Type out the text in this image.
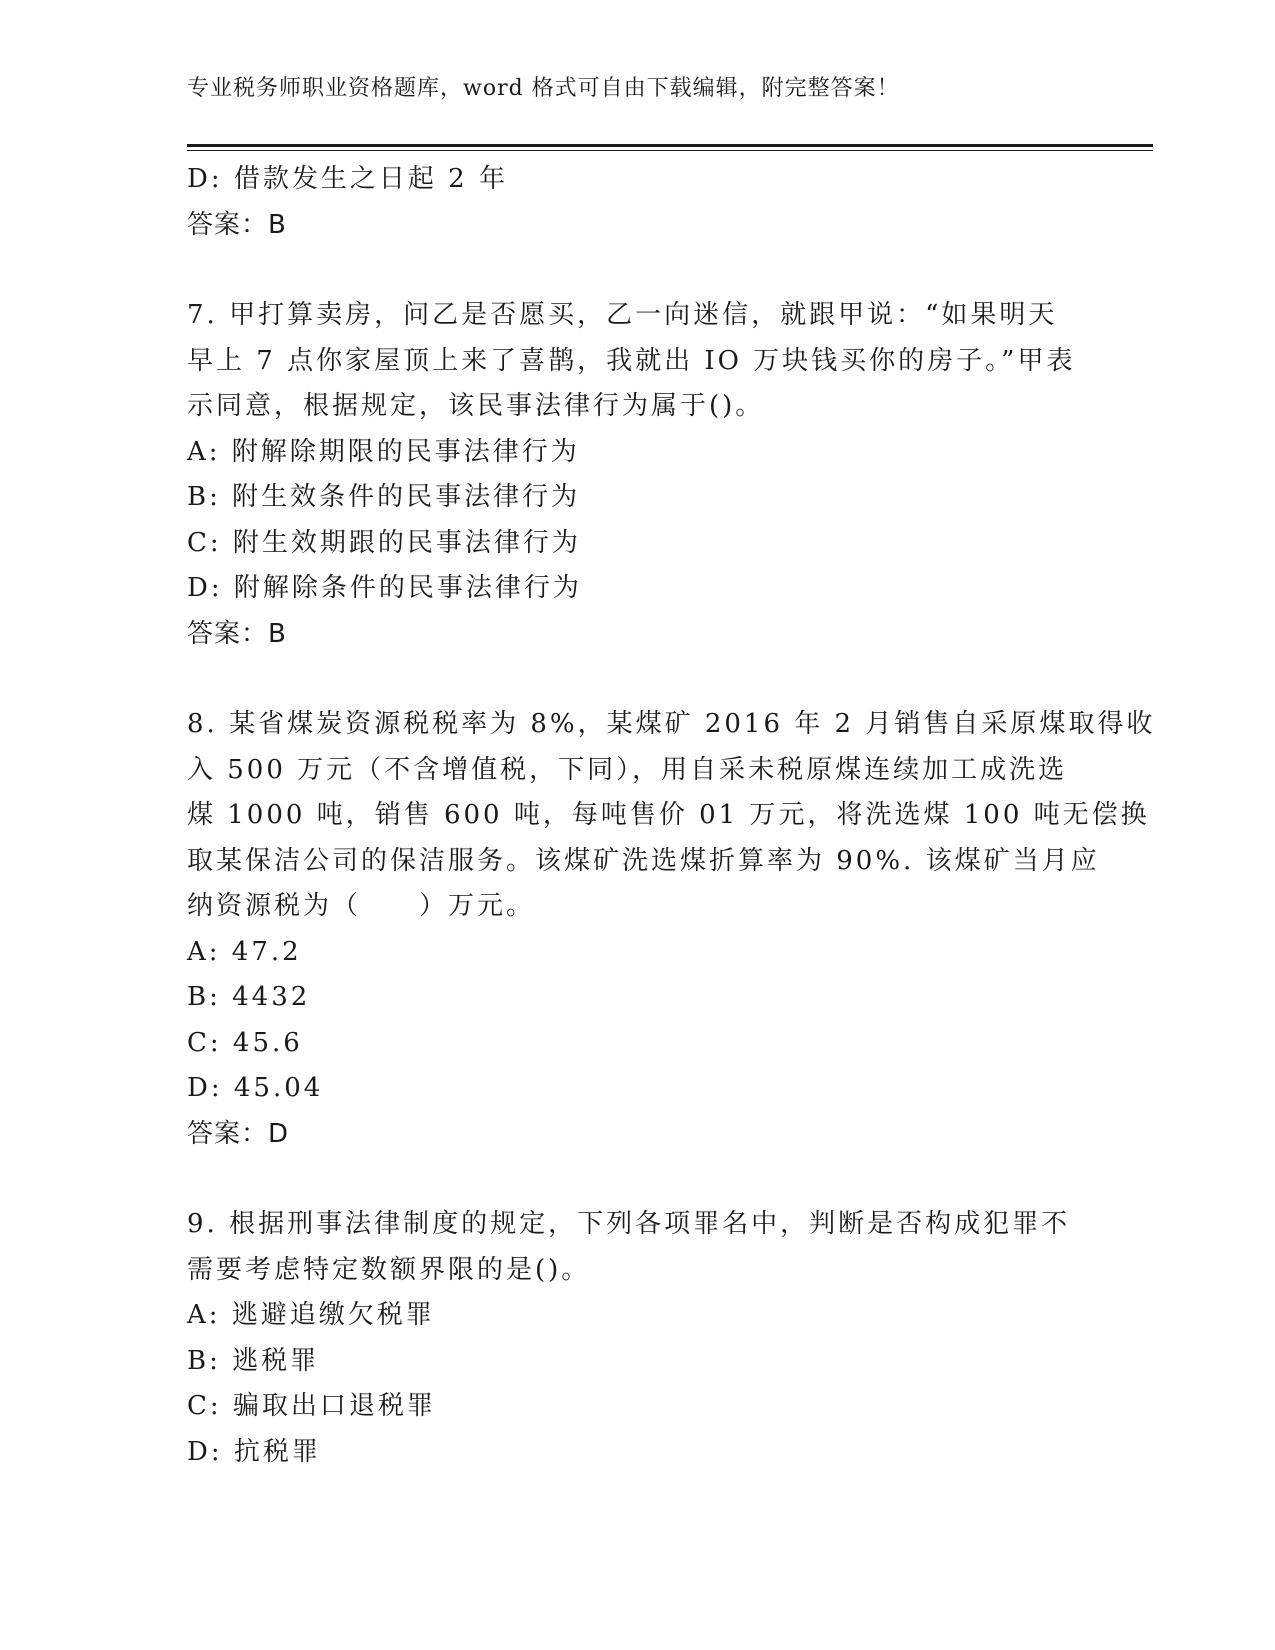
专业税务师职业资格题库，word 格式可自由下载编辑，附完整答案！
D: 借款发生之日起 2 年
答案：B
7. 甲打算卖房，问乙是否愿买，乙一向迷信，就跟甲说：“如果明天
早上 7 点你家屋顶上来了喜鹊，我就出 IO 万块钱买你的房子。”甲表
示同意，根据规定，该民事法律行为属于()。
A: 附解除期限的民事法律行为
B: 附生效条件的民事法律行为
C: 附生效期跟的民事法律行为
D: 附解除条件的民事法律行为
答案：B
8. 某省煤炭资源税税率为 8%，某煤矿 2016 年 2 月销售自采原煤取得收
入 500 万元（不含增值税，下同），用自采未税原煤连续加工成洗选
煤 1000 吨，销售 600 吨，每吨售价 01 万元，将洗选煤 100 吨无偿换
取某保洁公司的保洁服务。该煤矿洗选煤折算率为 90%. 该煤矿当月应
纳资源税为（　　）万元。
A: 47.2
B: 4432
C: 45.6
D: 45.04
答案：D
9. 根据刑事法律制度的规定，下列各项罪名中，判断是否构成犯罪不
需要考虑特定数额界限的是()。
A: 逃避追缴欠税罪
B: 逃税罪
C: 骗取出口退税罪
D: 抗税罪
